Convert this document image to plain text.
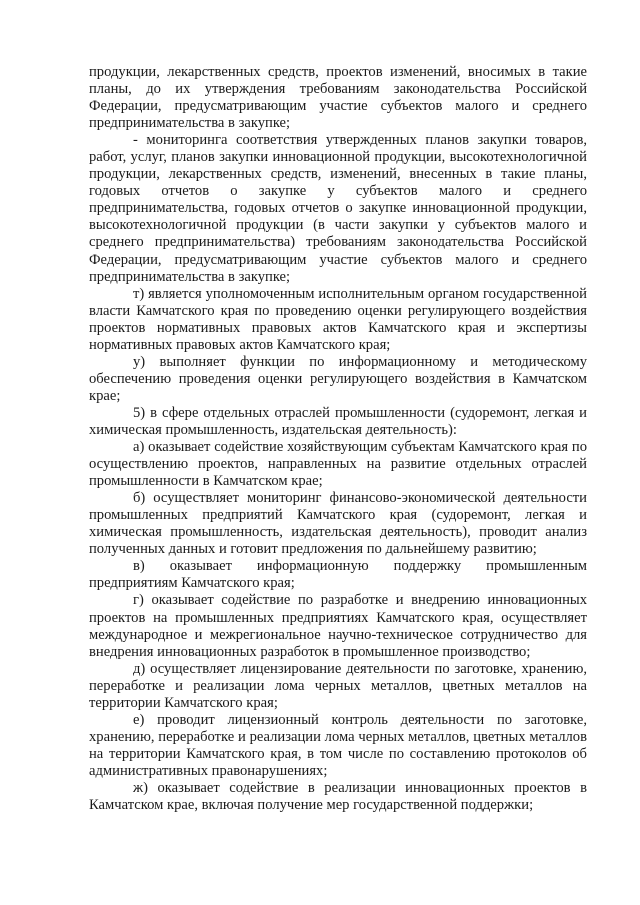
продукции, лекарственных средств, проектов изменений, вносимых в такие планы, до их утверждения требованиям законодательства Российской Федерации, предусматривающим участие субъектов малого и среднего предпринимательства в закупке;

- мониторинга соответствия утвержденных планов закупки товаров, работ, услуг, планов закупки инновационной продукции, высокотехнологичной продукции, лекарственных средств, изменений, внесенных в такие планы, годовых отчетов о закупке у субъектов малого и среднего предпринимательства, годовых отчетов о закупке инновационной продукции, высокотехнологичной продукции (в части закупки у субъектов малого и среднего предпринимательства) требованиям законодательства Российской Федерации, предусматривающим участие субъектов малого и среднего предпринимательства в закупке;

т) является уполномоченным исполнительным органом государственной власти Камчатского края по проведению оценки регулирующего воздействия проектов нормативных правовых актов Камчатского края и экспертизы нормативных правовых актов Камчатского края;

у) выполняет функции по информационному и методическому обеспечению проведения оценки регулирующего воздействия в Камчатском крае;

5) в сфере отдельных отраслей промышленности (судоремонт, легкая и химическая промышленность, издательская деятельность):

а) оказывает содействие хозяйствующим субъектам Камчатского края по осуществлению проектов, направленных на развитие отдельных отраслей промышленности в Камчатском крае;

б) осуществляет мониторинг финансово-экономической деятельности промышленных предприятий Камчатского края (судоремонт, легкая и химическая промышленность, издательская деятельность), проводит анализ полученных данных и готовит предложения по дальнейшему развитию;

в) оказывает информационную поддержку промышленным предприятиям Камчатского края;

г) оказывает содействие по разработке и внедрению инновационных проектов на промышленных предприятиях Камчатского края, осуществляет международное и межрегиональное научно-техническое сотрудничество для внедрения инновационных разработок в промышленное производство;

д) осуществляет лицензирование деятельности по заготовке, хранению, переработке и реализации лома черных металлов, цветных металлов на территории Камчатского края;

е) проводит лицензионный контроль деятельности по заготовке, хранению, переработке и реализации лома черных металлов, цветных металлов на территории Камчатского края, в том числе по составлению протоколов об административных правонарушениях;

ж) оказывает содействие в реализации инновационных проектов в Камчатском крае, включая получение мер государственной поддержки;
